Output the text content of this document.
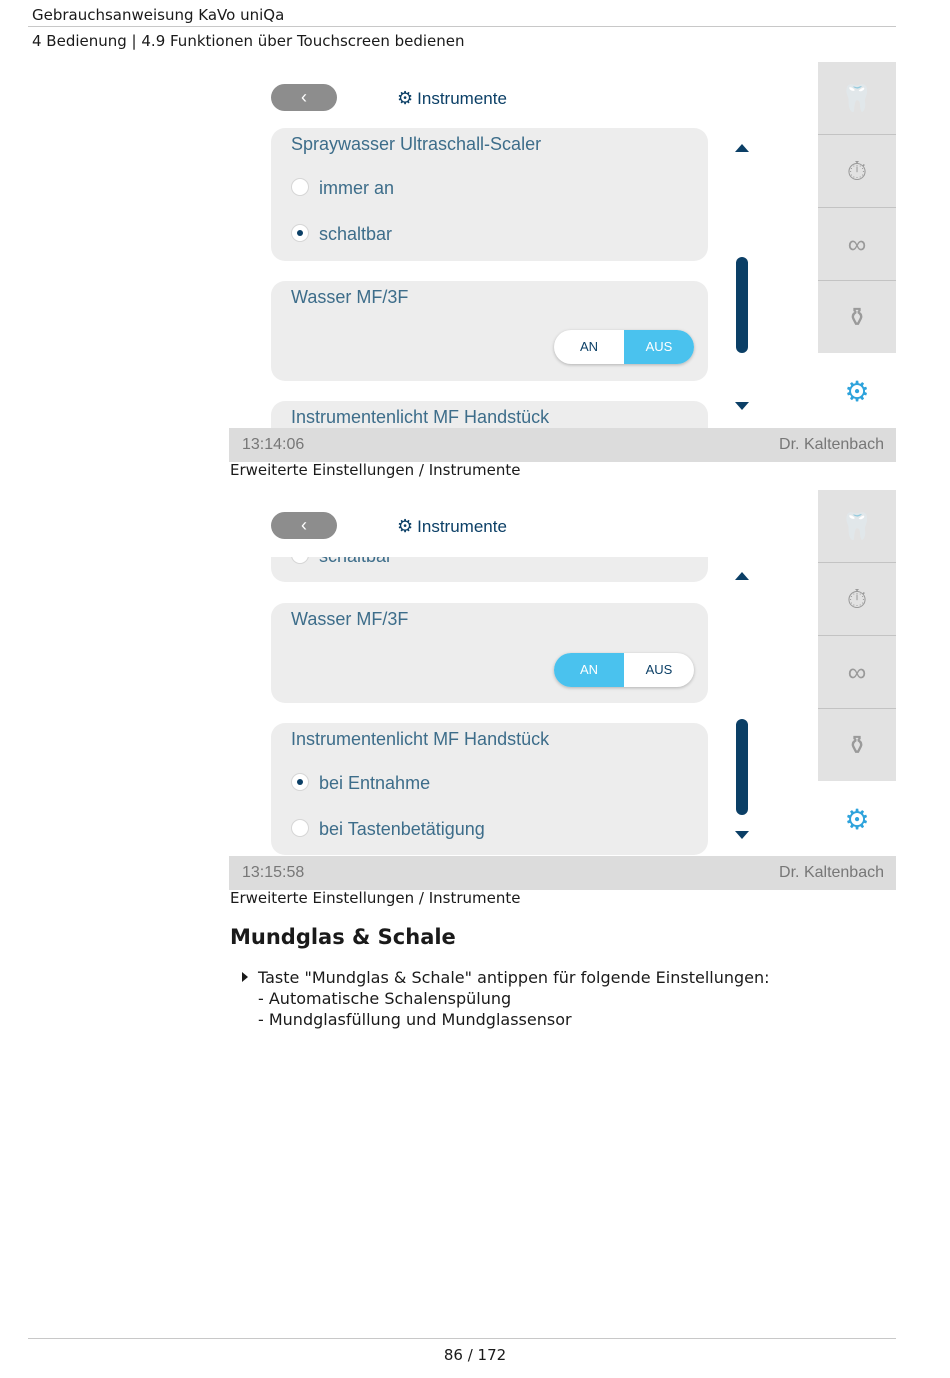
Gebrauchsanweisung KaVo uniQa
4 Bedienung | 4.9 Funktionen über Touchscreen bedienen
‹	⚙ Instrumente
Spraywasser Ultraschall-Scaler
immer an
schaltbar
Wasser MF/3F
AN	AUS
Instrumentenlicht MF Handstück
🦷
⏱
∞
⚱
⚙
13:14:06	Dr. Kaltenbach
Erweiterte Einstellungen / Instrumente
‹	⚙ Instrumente
Wasser MF/3F
AN	AUS
Instrumentenlicht MF Handstück
bei Entnahme
bei Tastenbetätigung
🦷
⏱
∞
⚱
⚙
13:15:58	Dr. Kaltenbach
Erweiterte Einstellungen / Instrumente
Mundglas & Schale
Taste "Mundglas & Schale" antippen für folgende Einstellungen:
- Automatische Schalenspülung
- Mundglasfüllung und Mundglassensor
86 / 172
